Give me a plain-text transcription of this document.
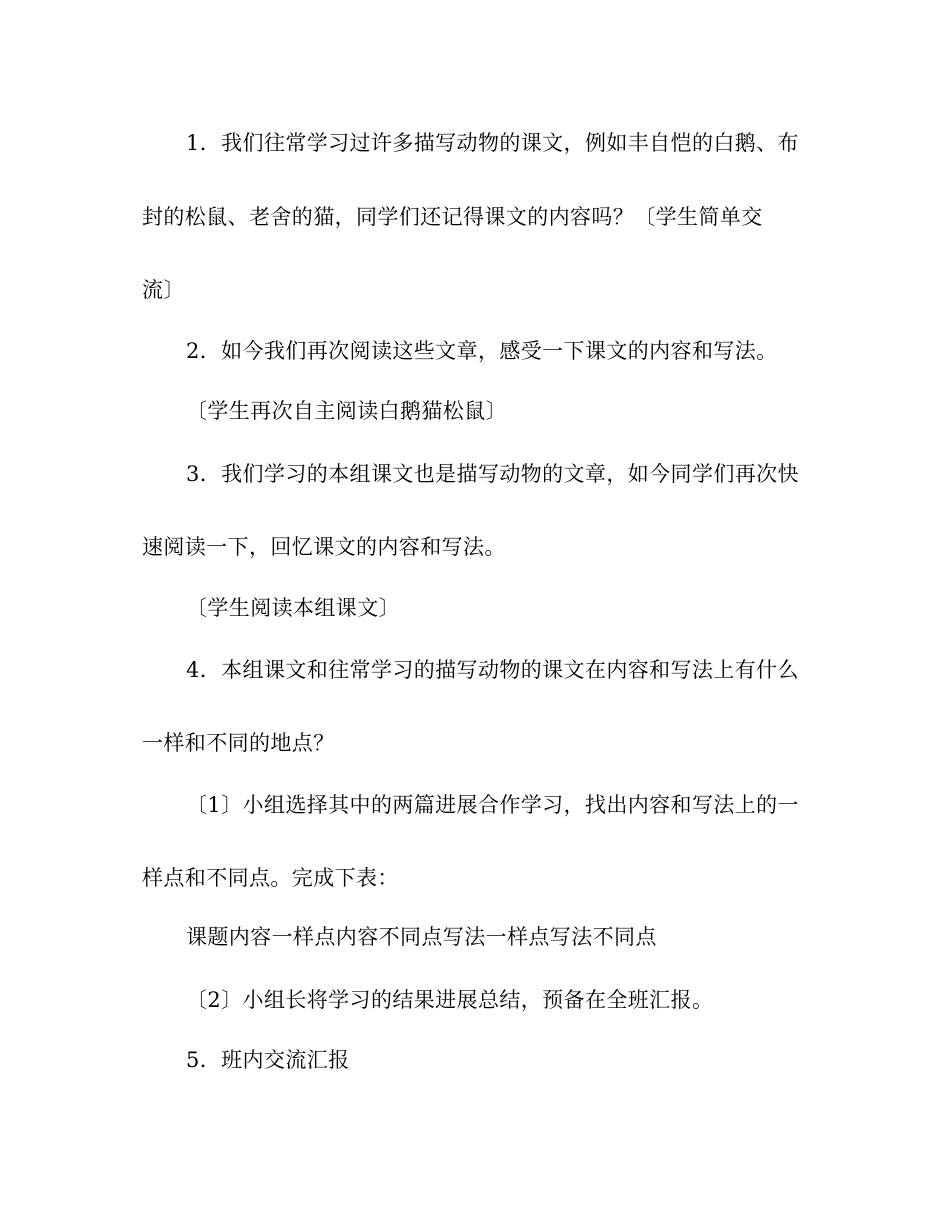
1．我们往常学习过许多描写动物的课文，例如丰自恺的白鹅、布
封的松鼠、老舍的猫，同学们还记得课文的内容吗？〔学生简单交
流〕
2．如今我们再次阅读这些文章，感受一下课文的内容和写法。
〔学生再次自主阅读白鹅猫松鼠〕
3．我们学习的本组课文也是描写动物的文章，如今同学们再次快
速阅读一下，回忆课文的内容和写法。
〔学生阅读本组课文〕
4．本组课文和往常学习的描写动物的课文在内容和写法上有什么
一样和不同的地点？
〔1〕小组选择其中的两篇进展合作学习，找出内容和写法上的一
样点和不同点。完成下表：
课题内容一样点内容不同点写法一样点写法不同点
〔2〕小组长将学习的结果进展总结，预备在全班汇报。
5．班内交流汇报
